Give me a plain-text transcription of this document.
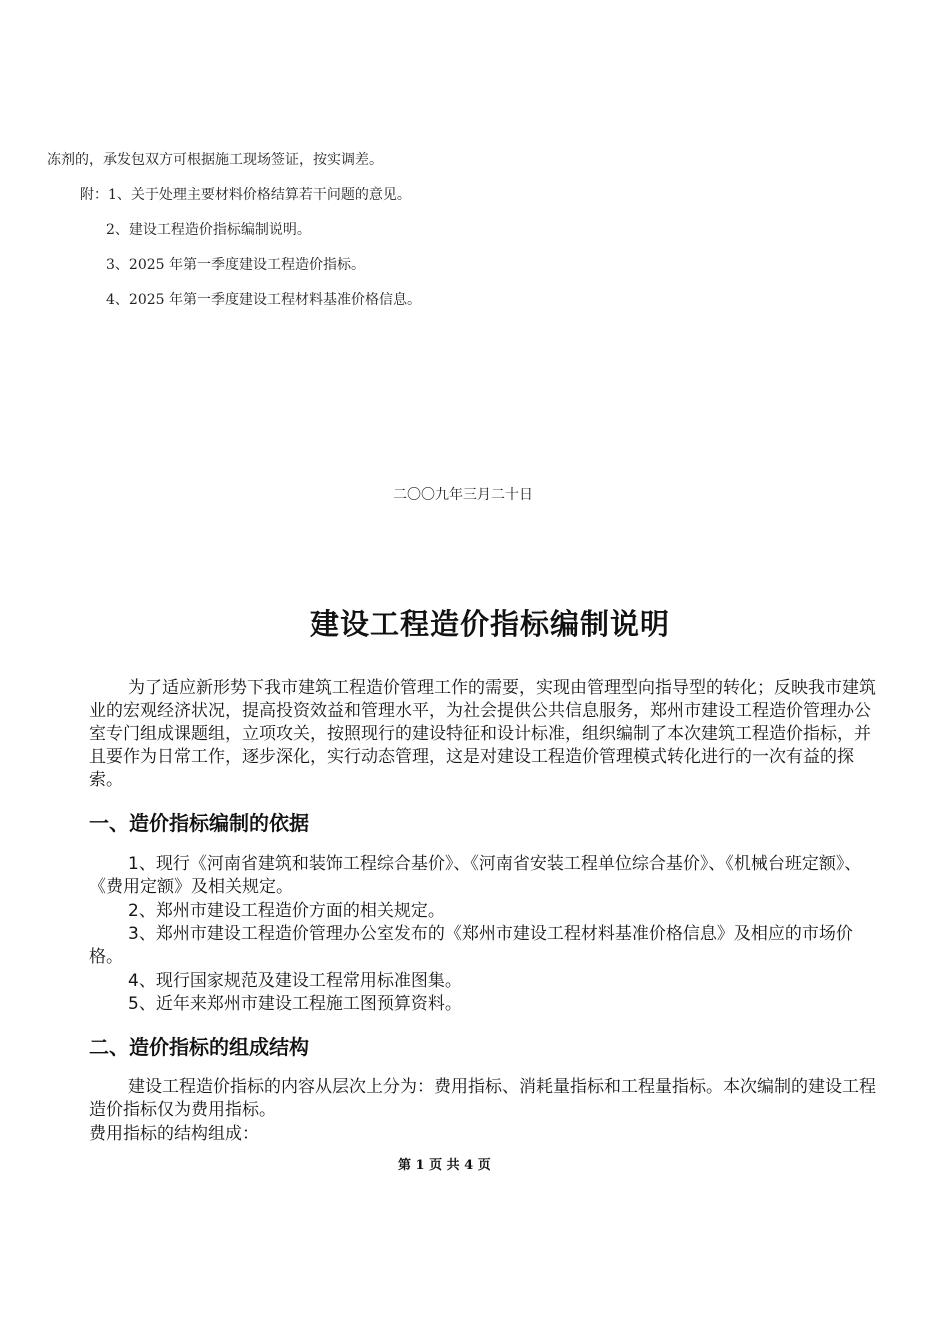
冻剂的，承发包双方可根据施工现场签证，按实调差。
附：1、关于处理主要材料价格结算若干问题的意见。
2、建设工程造价指标编制说明。
3、2025 年第一季度建设工程造价指标。
4、2025 年第一季度建设工程材料基准价格信息。
二〇〇九年三月二十日
建设工程造价指标编制说明
为了适应新形势下我市建筑工程造价管理工作的需要，实现由管理型向指导型的转化；反映我市建筑业的宏观经济状况，提高投资效益和管理水平，为社会提供公共信息服务，郑州市建设工程造价管理办公室专门组成课题组，立项攻关，按照现行的建设特征和设计标准，组织编制了本次建筑工程造价指标，并且要作为日常工作，逐步深化，实行动态管理，这是对建设工程造价管理模式转化进行的一次有益的探索。
一、造价指标编制的依据
1、现行《河南省建筑和装饰工程综合基价》、《河南省安装工程单位综合基价》、《机械台班定额》、《费用定额》及相关规定。
2、郑州市建设工程造价方面的相关规定。
3、郑州市建设工程造价管理办公室发布的《郑州市建设工程材料基准价格信息》及相应的市场价格。
4、现行国家规范及建设工程常用标准图集。
5、近年来郑州市建设工程施工图预算资料。
二、造价指标的组成结构
建设工程造价指标的内容从层次上分为：费用指标、消耗量指标和工程量指标。本次编制的建设工程造价指标仅为费用指标。
费用指标的结构组成：
第 1 页 共 4 页
